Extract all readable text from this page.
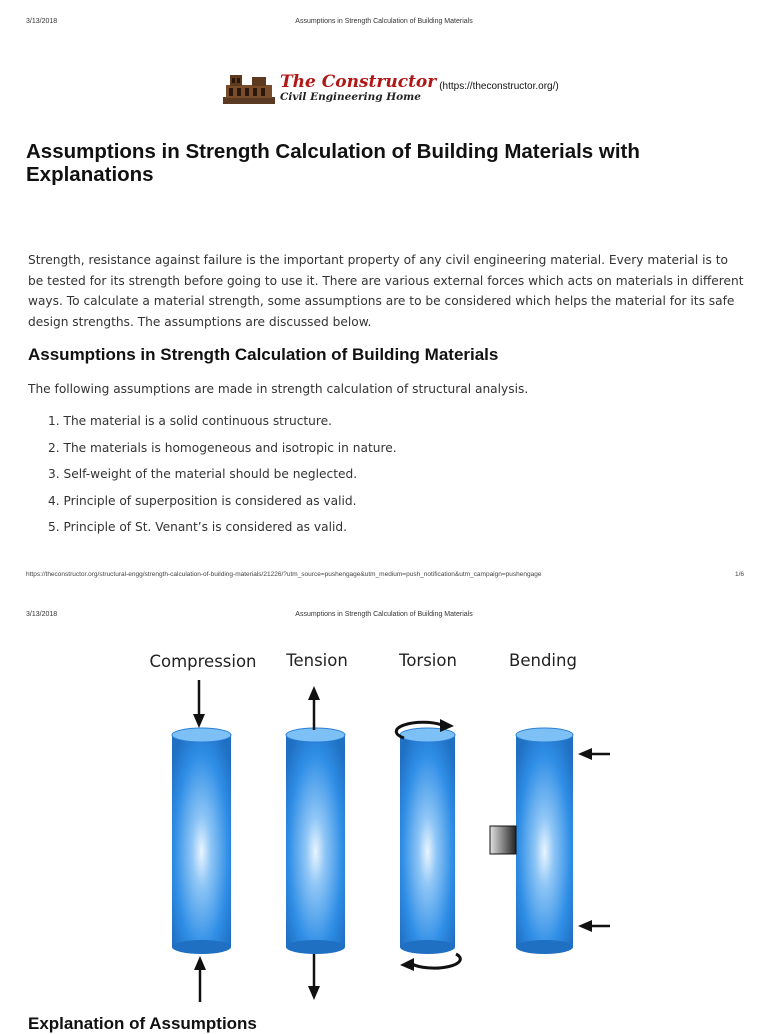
3/13/2018	Assumptions in Strength Calculation of Building Materials
The Constructor
Civil Engineering Home
(https://theconstructor.org/)
Assumptions in Strength Calculation of Building Materials with Explanations
Strength, resistance against failure is the important property of any civil engineering material. Every material is to be tested for its strength before going to use it. There are various external forces which acts on materials in different ways. To calculate a material strength, some assumptions are to be considered which helps the material for its safe design strengths. The assumptions are discussed below.
Assumptions in Strength Calculation of Building Materials
The following assumptions are made in strength calculation of structural analysis.
1. The material is a solid continuous structure.
2. The materials is homogeneous and isotropic in nature.
3. Self-weight of the material should be neglected.
4. Principle of superposition is considered as valid.
5. Principle of St. Venant’s is considered as valid.
https://theconstructor.org/structural-engg/strength-calculation-of-building-materials/21226/?utm_source=pushengage&utm_medium=push_notification&utm_campaign=pushengage	1/6
3/13/2018	Assumptions in Strength Calculation of Building Materials
Compression Tension	Torsion	Bending
Explanation of Assumptions
